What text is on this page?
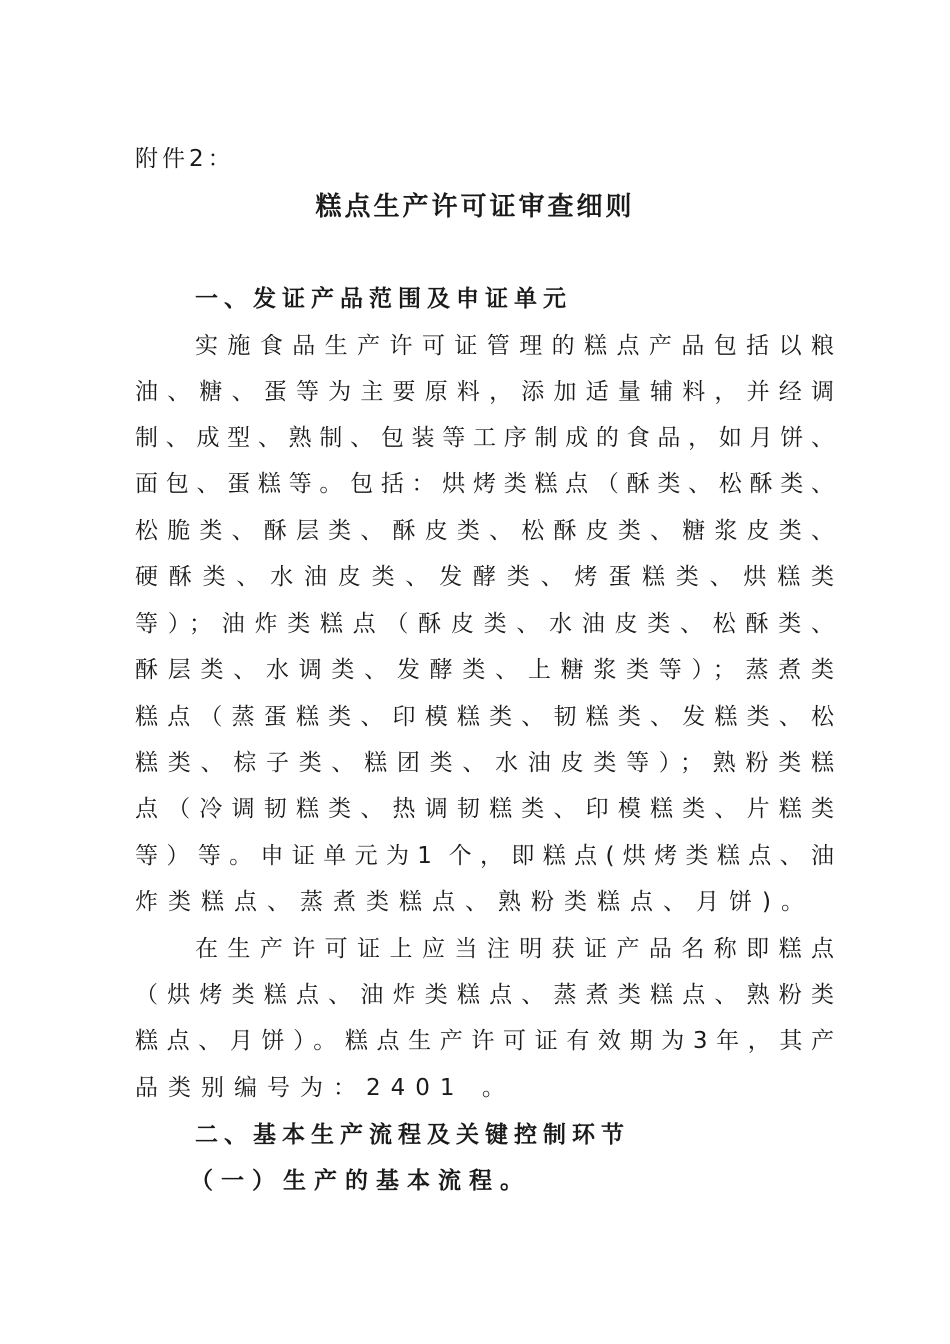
附件2：
糕点生产许可证审查细则
一、发证产品范围及申证单元
实施食品生产许可证管理的糕点产品包括以粮
油、糖、蛋等为主要原料，添加适量辅料，并经调
制、成型、熟制、包装等工序制成的食品，如月饼、
面包、蛋糕等。包括：烘烤类糕点（酥类、松酥类、
松脆类、酥层类、酥皮类、松酥皮类、糖浆皮类、
硬酥类、水油皮类、发酵类、烤蛋糕类、烘糕类
等）；油炸类糕点（酥皮类、水油皮类、松酥类、
酥层类、水调类、发酵类、上糖浆类等）；蒸煮类
糕点（蒸蛋糕类、印模糕类、韧糕类、发糕类、松
糕类、棕子类、糕团类、水油皮类等）；熟粉类糕
点（冷调韧糕类、热调韧糕类、印模糕类、片糕类
等）等。申证单元为1 个，即糕点(烘烤类糕点、油
炸类糕点、蒸煮类糕点、熟粉类糕点、月饼)。
在生产许可证上应当注明获证产品名称即糕点
（烘烤类糕点、油炸类糕点、蒸煮类糕点、熟粉类
糕点、月饼）。糕点生产许可证有效期为3年，其产
品类别编号为：2401 。
二、基本生产流程及关键控制环节
（一）生产的基本流程。
